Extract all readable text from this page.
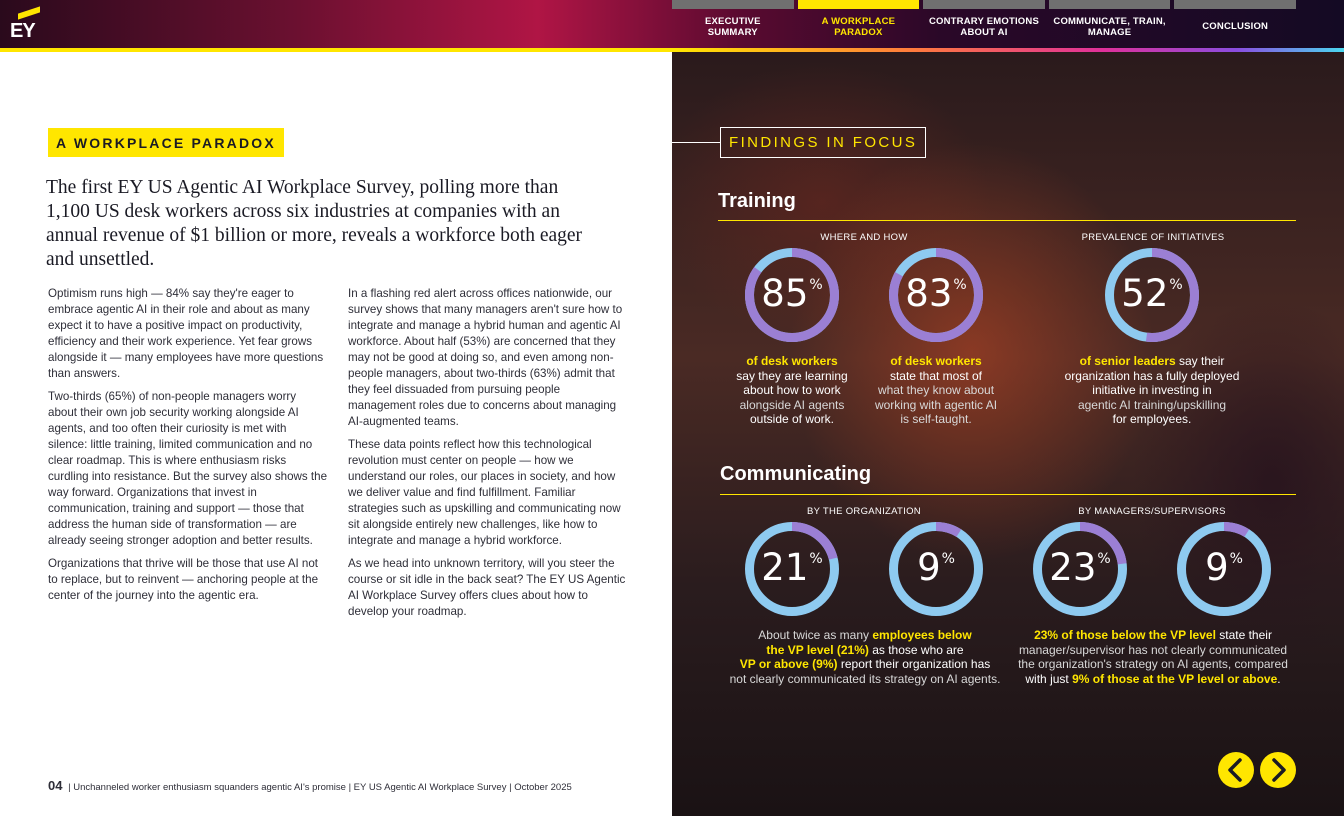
EY	EXECUTIVE
SUMMARY
A WORKPLACE
PARADOX
CONTRARY EMOTIONS
ABOUT AI
COMMUNICATE, TRAIN,
MANAGE
CONCLUSION
A WORKPLACE PARADOX
The first EY US Agentic AI Workplace Survey, polling more than 1,100 US desk workers across six industries at companies with an annual revenue of $1 billion or more, reveals a workforce both eager and unsettled.

Optimism runs high — 84% say they're eager to embrace agentic AI in their role and about as many expect it to have a positive impact on productivity, efficiency and their work experience. Yet fear grows alongside it — many employees have more questions than answers.

Two-thirds (65%) of non-people managers worry about their own job security working alongside AI agents, and too often their curiosity is met with silence: little training, limited communication and no clear roadmap. This is where enthusiasm risks curdling into resistance. But the survey also shows the way forward. Organizations that invest in communication, training and support — those that address the human side of transformation — are already seeing stronger adoption and better results.

Organizations that thrive will be those that use AI not to replace, but to reinvent — anchoring people at the center of the journey into the agentic era.

In a flashing red alert across offices nationwide, our survey shows that many managers aren't sure how to integrate and manage a hybrid human and agentic AI workforce. About half (53%) are concerned that they may not be good at doing so, and even among non-people managers, about two-thirds (63%) admit that they feel dissuaded from pursuing people management roles due to concerns about managing AI-augmented teams.

These data points reflect how this technological revolution must center on people — how we understand our roles, our places in society, and how we deliver value and find fulfillment. Familiar strategies such as upskilling and communicating now sit alongside entirely new challenges, like how to integrate and manage a hybrid workforce.

As we head into unknown territory, will you steer the course or sit idle in the back seat? The EY US Agentic AI Workplace Survey offers clues about how to develop your roadmap.

04 | Unchanneled worker enthusiasm squanders agentic AI's promise | EY US Agentic AI Workplace Survey | October 2025
FINDINGS IN FOCUS
Training
WHERE AND HOW	PREVALENCE OF INITIATIVES
85%	83%	52%
of desk workers
say they are learning
about how to work
alongside AI agents
outside of work.
of desk workers
state that most of
what they know about
working with agentic AI
is self-taught.
of senior leaders say their
organization has a fully deployed
initiative in investing in
agentic AI training/upskilling
for employees.
Communicating
BY THE ORGANIZATION	BY MANAGERS/SUPERVISORS
21%	9%	23%	9%
About twice as many employees below
the VP level (21%) as those who are
VP or above (9%) report their organization has
not clearly communicated its strategy on AI agents.
23% of those below the VP level state their
manager/supervisor has not clearly communicated
the organization's strategy on AI agents, compared
with just 9% of those at the VP level or above.
